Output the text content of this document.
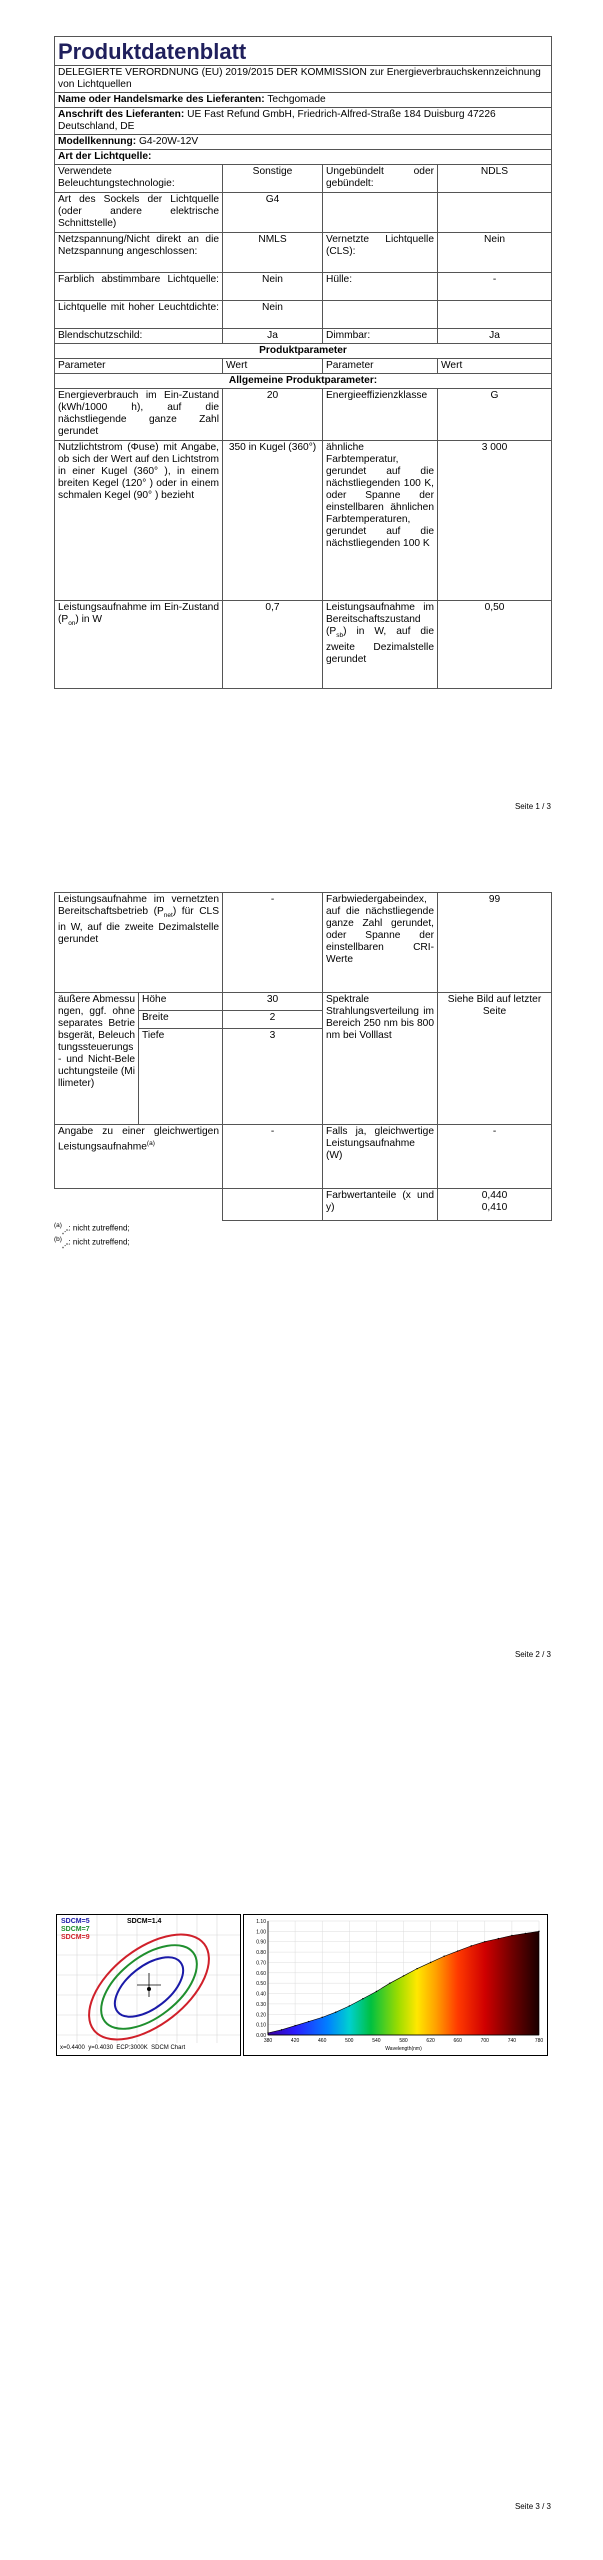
Produktdatenblatt			
DELEGIERTE VERORDNUNG (EU) 2019/2015 DER KOMMISSION zur Energieverbrauchskennzeichnung von Lichtquellen			
Name oder Handelsmarke des Lieferanten: Techgomade			
Anschrift des Lieferanten: UE Fast Refund GmbH, Friedrich-Alfred-Straße 184 Duisburg 47226 Deutschland, DE			
Modellkennung: G4-20W-12V			
Art der Lichtquelle:			
Verwendete Beleuchtungstechnologie:	Sonstige	Ungebündelt oder gebündelt:	NDLS
Art des Sockels der Lichtquelle (oder andere elektrische Schnittstelle)	G4		
Netzspannung/Nicht direkt an die Netzspannung angeschlossen:	NMLS	Vernetzte Lichtquelle (CLS):	Nein
Farblich abstimmbare Lichtquelle:	Nein	Hülle:	-
Lichtquelle mit hoher Leuchtdichte:	Nein		
Blendschutzschild:	Ja	Dimmbar:	Ja
Produktparameter			
Parameter	Wert	Parameter	Wert
Allgemeine Produktparameter:			
Energieverbrauch im Ein-Zustand (kWh/1000 h), auf die nächstliegende ganze Zahl gerundet	20	Energieeffizienzklasse	G
Nutzlichtstrom (Φuse) mit Angabe, ob sich der Wert auf den Lichtstrom in einer Kugel (360° ), in einem breiten Kegel (120° ) oder in einem schmalen Kegel (90° ) bezieht	350 in Kugel (360°)	ähnliche Farbtemperatur, gerundet auf die nächstliegenden 100 K, oder Spanne der einstellbaren ähnlichen Farbtemperaturen, gerundet auf die nächstliegenden 100 K	3 000
Leistungsaufnahme im Ein-Zustand $(P_{on})$ in W	0,7	Leistungsaufnahme im Bereitschaftszustand $(P_{sb})$ in W, auf die zweite Dezimalstelle gerundet	0,50
Seite 1 / 3
Leistungsaufnahme im vernetzten Bereitschaftsbetrieb $(P_{net})$ für CLS in W, auf die zweite Dezimalstelle gerundet		-	Farbwiedergabeindex, auf die nächstliegende ganze Zahl gerundet, oder Spanne der einstellbaren CRI-Werte	99
äußere Abmessungen, ggf. ohne separates Betriebsgerät, Beleuchtungssteuerungs- und Nicht-Beleuchtungsteile (Millimeter)	Höhe	30	Spektrale Strahlungsverteilung im Bereich 250 nm bis 800 nm bei Volllast	Siehe Bild auf letzter Seite
	Breite	2		
	Tiefe	3		
Angabe zu einer gleichwertigen Leistungsaufnahme$^{(a)}$		-	Falls ja, gleichwertige Leistungsaufnahme (W)	-
			Farbwertanteile (x und y)	0,440
0,410
$^{(a)}_{„-“}$: nicht zutreffend;
$^{(b)}_{„-“}$: nicht zutreffend;
Seite 2 / 3
SDCM=5
SDCM=7
SDCM=9
SDCM=1.4
x=0.4400 y=0.4030 ECP:3000K SDCM Chart
0.00
0.10
0.20
0.30
0.40
0.50
0.60
0.70
0.80
0.90
1.00
1.10
380	420	460	500	540	580	620	660	700	740	780
Wavelength(nm)
Seite 3 / 3
